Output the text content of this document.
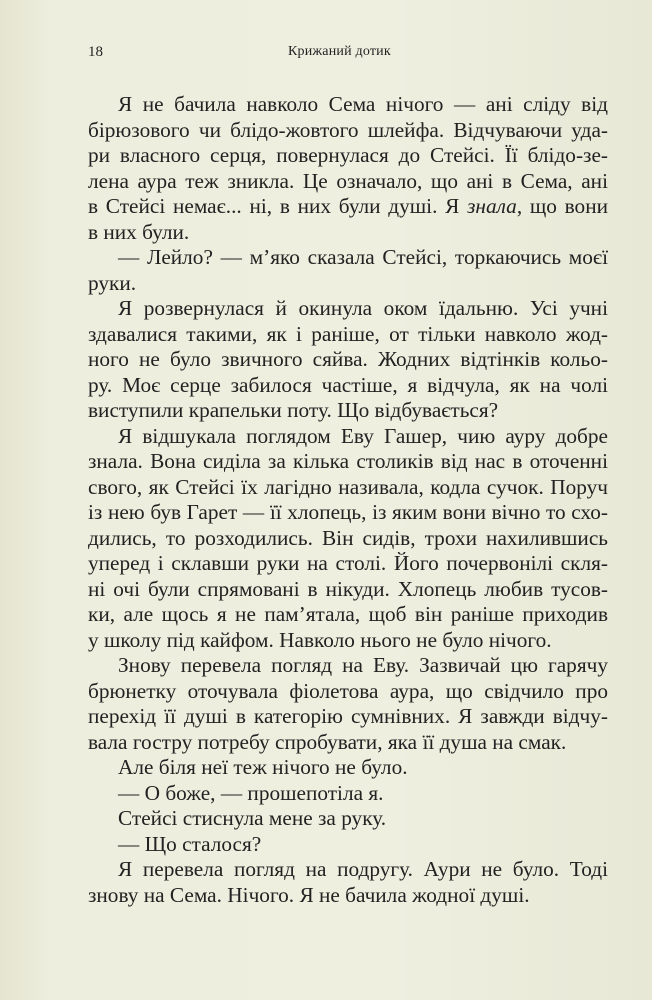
18	Крижаний дотик
Я не бачила навколо Сема нічого — ані сліду від
бірюзового чи блідо-жовтого шлейфа. Відчуваючи уда-
ри власного серця, повернулася до Стейсі. Її блідо-зе-
лена аура теж зникла. Це означало, що ані в Сема, ані
в Стейсі немає... ні, в них були душі. Я знала, що вони
в них були.
— Лейло? — м’яко сказала Стейсі, торкаючись моєї
руки.
Я розвернулася й окинула оком їдальню. Усі учні
здавалися такими, як і раніше, от тільки навколо жод-
ного не було звичного сяйва. Жодних відтінків кольо-
ру. Моє серце забилося частіше, я відчула, як на чолі
виступили крапельки поту. Що відбувається?
Я відшукала поглядом Еву Гашер, чию ауру добре
знала. Вона сиділа за кілька столиків від нас в оточенні
свого, як Стейсі їх лагідно називала, кодла сучок. Поруч
із нею був Гарет — її хлопець, із яким вони вічно то схо-
дились, то розходились. Він сидів, трохи нахилившись
уперед і склавши руки на столі. Його почервонілі скля-
ні очі були спрямовані в нікуди. Хлопець любив тусов-
ки, але щось я не пам’ятала, щоб він раніше приходив
у школу під кайфом. Навколо нього не було нічого.
Знову перевела погляд на Еву. Зазвичай цю гарячу
брюнетку оточувала фіолетова аура, що свідчило про
перехід її душі в категорію сумнівних. Я завжди відчу-
вала гостру потребу спробувати, яка її душа на смак.
Але біля неї теж нічого не було.
— О боже, — прошепотіла я.
Стейсі стиснула мене за руку.
— Що сталося?
Я перевела погляд на подругу. Аури не було. Тоді
знову на Сема. Нічого. Я не бачила жодної душі.
